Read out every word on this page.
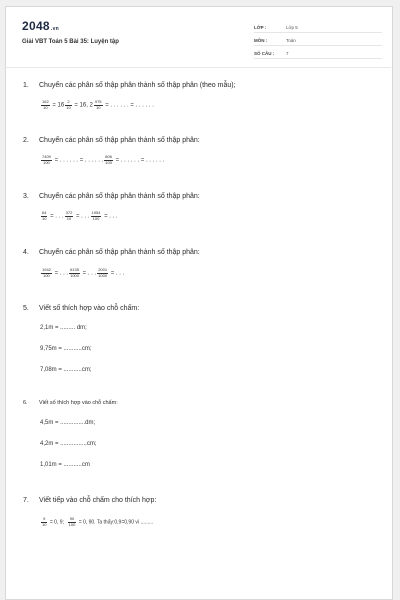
2048.vn
Giải VBT Toán 5 Bài 35: Luyện tập
LỚP :	Lớp 5
MÔN :	Toán
SỐ CÂU :	7
1. Chuyển các phân số thập phân thành số thập phân (theo mẫu);
$\frac{162}{10} = 16 \frac{2}{10} = 16$, $2 \frac{975}{10}$ = . . . . . . = . . . . . .
2. Chuyển các phân số thập phân thành số thập phân:
$\frac{7409}{100}$ = . . . . . . = . . . . . . $\frac{806}{100}$ = . . . . . . = . . . . . .
3. Chuyển các phân số thập phân thành số thập phân:
$\frac{64}{10}$ = . . . $\frac{372}{10}$ = . . . $\frac{1954}{100}$ = . . .
4. Chuyển các phân số thập phân thành số thập phân:
$\frac{1942}{100}$ = . . . $\frac{6135}{1000}$ = . . . $\frac{2001}{1000}$ = . . .
5. Viết số thích hợp vào chỗ chấm:
2,1m = ......... dm;
9,75m = ...........cm;
7,08m = ...........cm;
6. Viết số thích hợp vào chỗ chấm:
4,5m = ...............dm;
4,2m = ................cm;
1,01m = ...........cm
7. Viết tiếp vào chỗ chấm cho thích hợp:
$\frac{9}{10} = 0$, 9; $\frac{90}{100} = 0$, 90. Ta thấy:0,9=0,90 vì .........
